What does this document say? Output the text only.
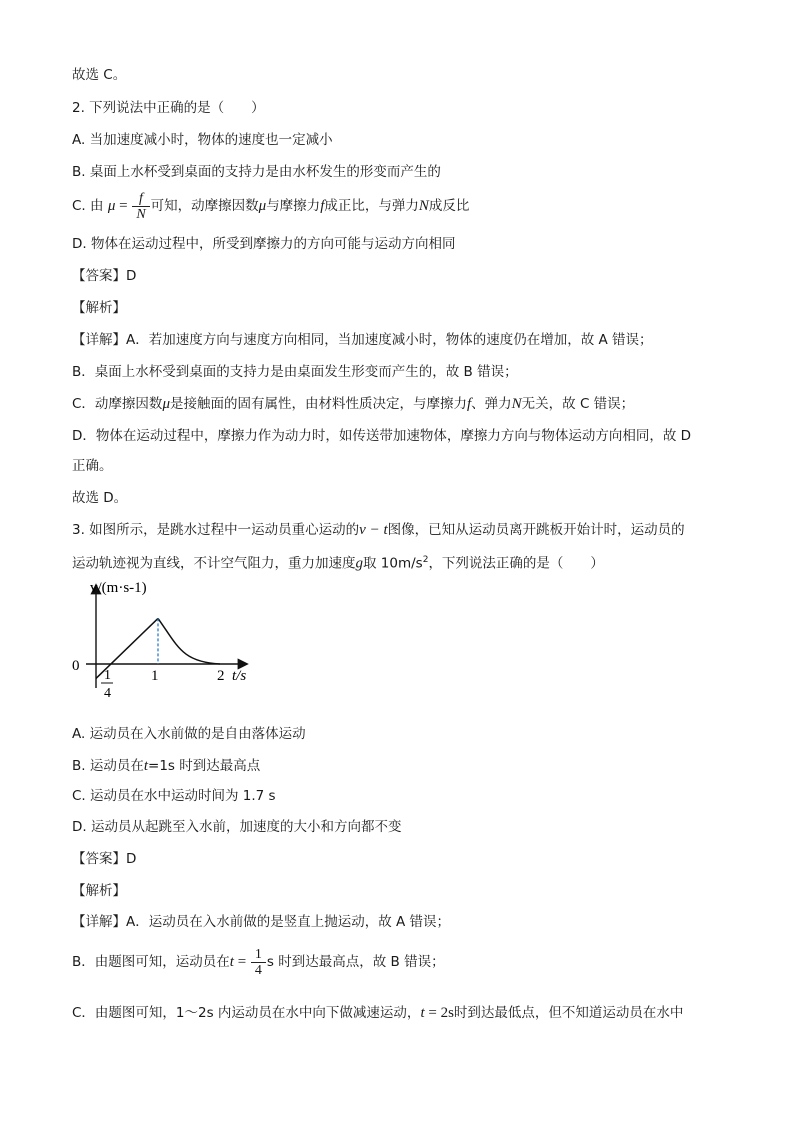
故选 C。
2. 下列说法中正确的是（　　）
A. 当加速度减小时，物体的速度也一定减小
B. 桌面上水杯受到桌面的支持力是由水杯发生的形变而产生的
C. 由 $\mu = \frac{f}{N}$ 可知，动摩擦因数μ与摩擦力f成正比，与弹力N成反比
D. 物体在运动过程中，所受到摩擦力的方向可能与运动方向相同
【答案】D
【解析】
【详解】A．若加速度方向与速度方向相同，当加速度减小时，物体的速度仍在增加，故 A 错误；
B．桌面上水杯受到桌面的支持力是由桌面发生形变而产生的，故 B 错误；
C．动摩擦因数μ是接触面的固有属性，由材料性质决定，与摩擦力f、弹力N无关，故 C 错误；
D．物体在运动过程中，摩擦力作为动力时，如传送带加速物体，摩擦力方向与物体运动方向相同，故 D
正确。
故选 D。
3. 如图所示，是跳水过程中一运动员重心运动的v − t图像，已知从运动员离开跳板开始计时，运动员的
运动轨迹视为直线，不计空气阻力，重力加速度g取 $10m/s^2$，下列说法正确的是（　　）
v/(m·s-1)
t/s
0
1
4
1	2
A. 运动员在入水前做的是自由落体运动
B. 运动员在t=1s 时到达最高点
C. 运动员在水中运动时间为 1.7 s
D. 运动员从起跳至入水前，加速度的大小和方向都不变
【答案】D
【解析】
【详解】A．运动员在入水前做的是竖直上抛运动，故 A 错误；
B．由题图可知，运动员在$t = \frac{1}{4}$ s 时到达最高点，故 B 错误；
C．由题图可知，1～2s 内运动员在水中向下做减速运动，t = 2s时到达最低点，但不知道运动员在水中
